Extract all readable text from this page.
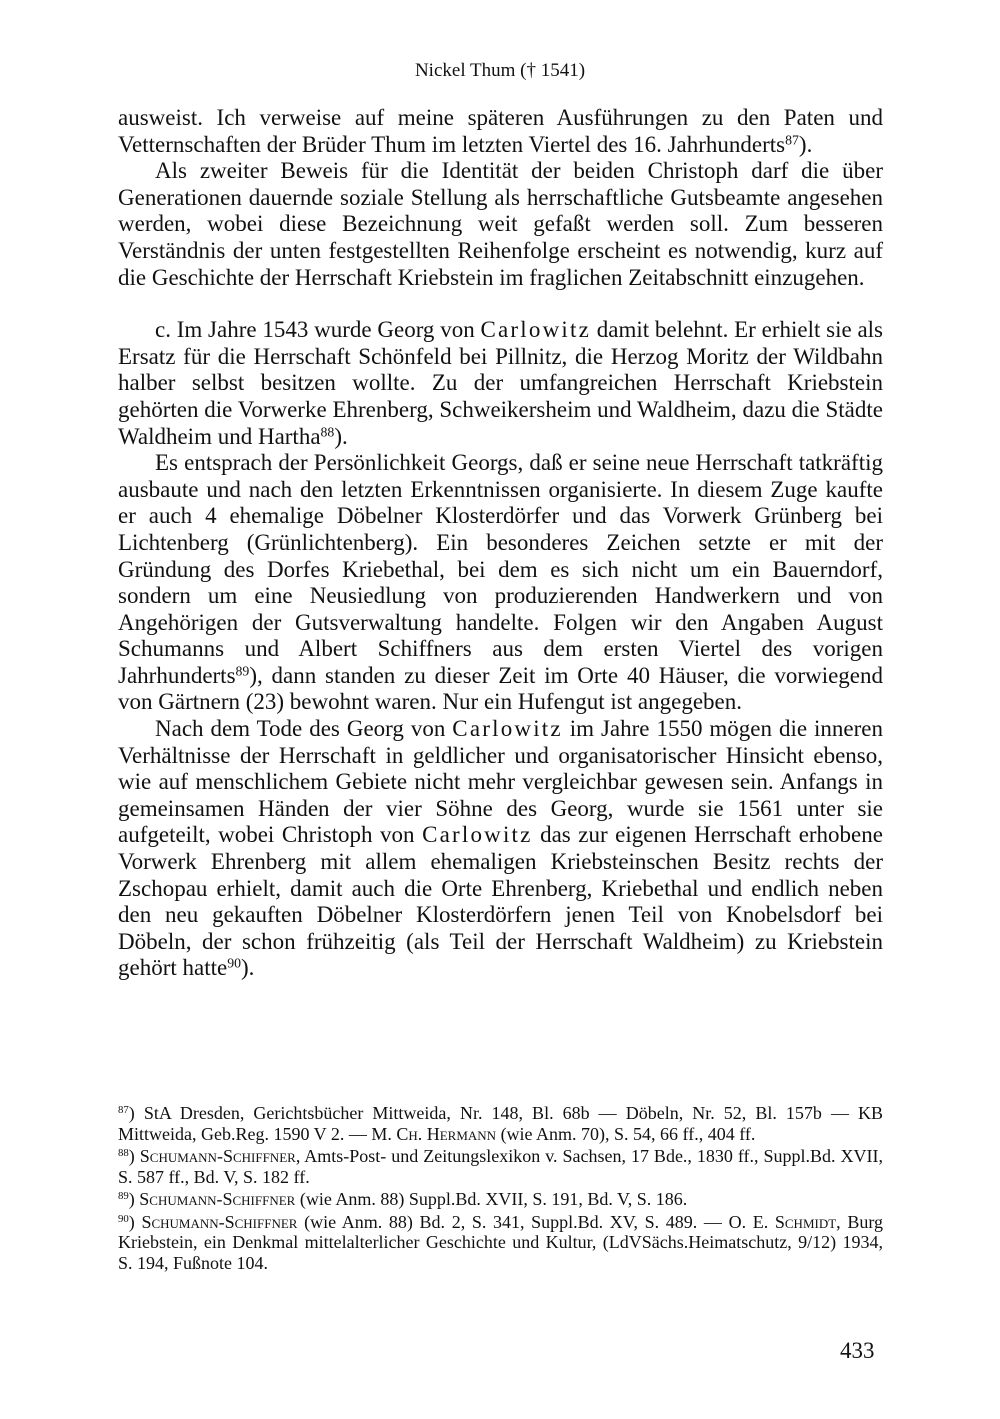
Nickel Thum († 1541)

ausweist. Ich verweise auf meine späteren Ausführungen zu den Paten und Vetternschaften der Brüder Thum im letzten Viertel des 16. Jahrhunderts$^{87}$).

Als zweiter Beweis für die Identität der beiden Christoph darf die über Generationen dauernde soziale Stellung als herrschaftliche Gutsbeamte angesehen werden, wobei diese Bezeichnung weit gefaßt werden soll. Zum besseren Verständnis der unten festgestellten Reihenfolge erscheint es notwendig, kurz auf die Geschichte der Herrschaft Kriebstein im fraglichen Zeitabschnitt einzugehen.

c. Im Jahre 1543 wurde Georg von Carlowitz damit belehnt. Er erhielt sie als Ersatz für die Herrschaft Schönfeld bei Pillnitz, die Herzog Moritz der Wildbahn halber selbst besitzen wollte. Zu der umfangreichen Herrschaft Kriebstein gehörten die Vorwerke Ehrenberg, Schweikersheim und Waldheim, dazu die Städte Waldheim und Hartha$^{88}$).

Es entsprach der Persönlichkeit Georgs, daß er seine neue Herrschaft tatkräftig ausbaute und nach den letzten Erkenntnissen organisierte. In diesem Zuge kaufte er auch 4 ehemalige Döbelner Klosterdörfer und das Vorwerk Grünberg bei Lichtenberg (Grünlichtenberg). Ein besonderes Zeichen setzte er mit der Gründung des Dorfes Kriebethal, bei dem es sich nicht um ein Bauerndorf, sondern um eine Neusiedlung von produzierenden Handwerkern und von Angehörigen der Gutsverwaltung handelte. Folgen wir den Angaben August Schumanns und Albert Schiffners aus dem ersten Viertel des vorigen Jahrhunderts$^{89}$), dann standen zu dieser Zeit im Orte 40 Häuser, die vorwiegend von Gärtnern (23) bewohnt waren. Nur ein Hufengut ist angegeben.

Nach dem Tode des Georg von Carlowitz im Jahre 1550 mögen die inneren Verhältnisse der Herrschaft in geldlicher und organisatorischer Hinsicht ebenso, wie auf menschlichem Gebiete nicht mehr vergleichbar gewesen sein. Anfangs in gemeinsamen Händen der vier Söhne des Georg, wurde sie 1561 unter sie aufgeteilt, wobei Christoph von Carlowitz das zur eigenen Herrschaft erhobene Vorwerk Ehrenberg mit allem ehemaligen Kriebsteinschen Besitz rechts der Zschopau erhielt, damit auch die Orte Ehrenberg, Kriebethal und endlich neben den neu gekauften Döbelner Klosterdörfern jenen Teil von Knobelsdorf bei Döbeln, der schon frühzeitig (als Teil der Herrschaft Waldheim) zu Kriebstein gehört hatte$^{90}$).

$^{87}$) StA Dresden, Gerichtsbücher Mittweida, Nr. 148, Bl. 68b — Döbeln, Nr. 52, Bl. 157b — KB Mittweida, Geb.Reg. 1590 V 2. — M. Ch. Hermann (wie Anm. 70), S. 54, 66 ff., 404 ff.

$^{88}$) Schumann-Schiffner, Amts-Post- und Zeitungslexikon v. Sachsen, 17 Bde., 1830 ff., Suppl.Bd. XVII, S. 587 ff., Bd. V, S. 182 ff.

$^{89}$) Schumann-Schiffner (wie Anm. 88) Suppl.Bd. XVII, S. 191, Bd. V, S. 186.

$^{90}$) Schumann-Schiffner (wie Anm. 88) Bd. 2, S. 341, Suppl.Bd. XV, S. 489. — O. E. Schmidt, Burg Kriebstein, ein Denkmal mittelalterlicher Geschichte und Kultur, (LdVSächs.Heimatschutz, 9/12) 1934, S. 194, Fußnote 104.

433
